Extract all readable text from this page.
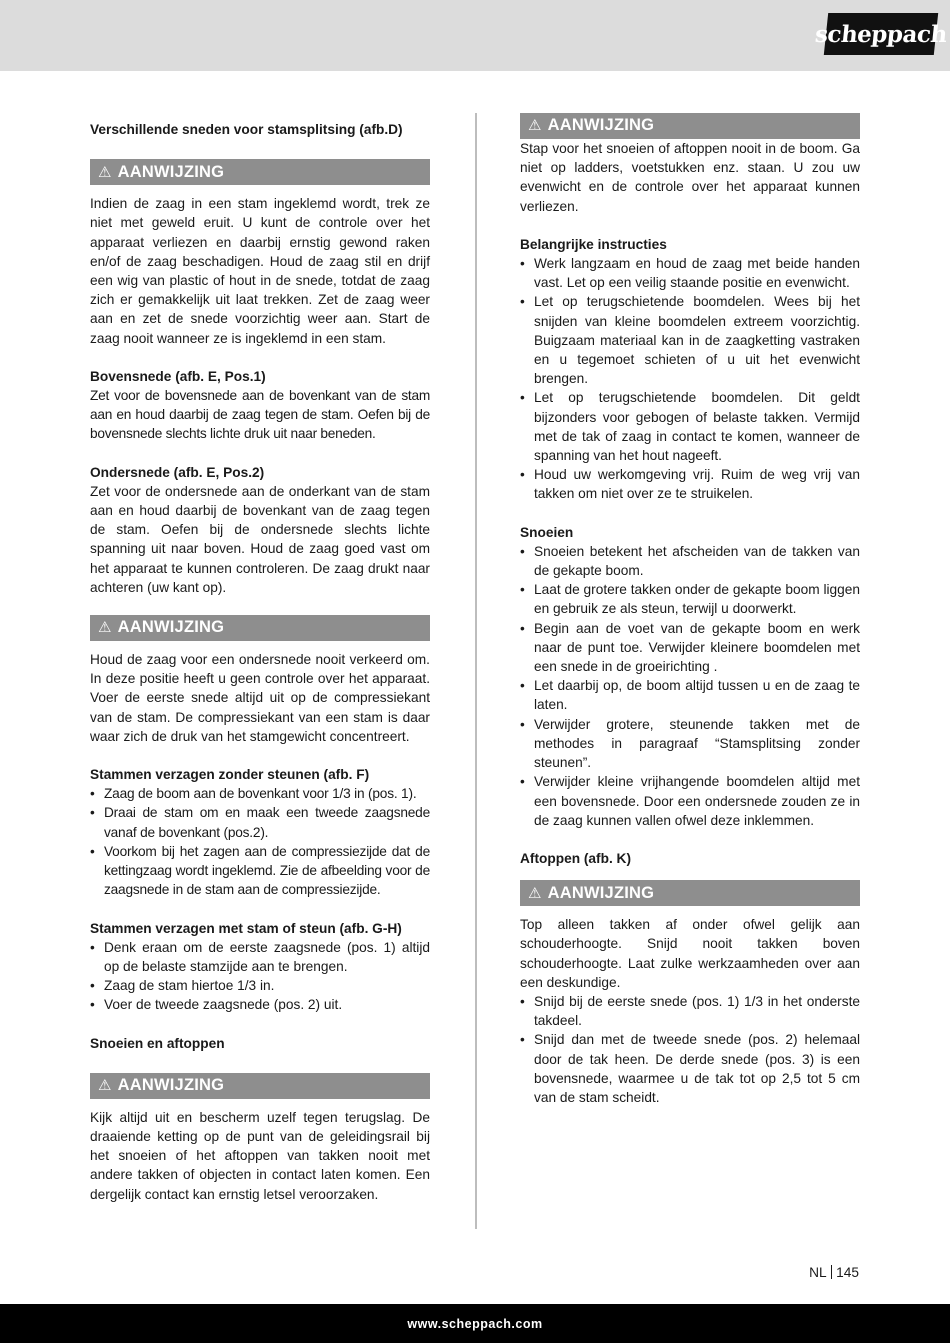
scheppach
Verschillende sneden voor stamsplitsing (afb.D)
⚠ AANWIJZING

Indien de zaag in een stam ingeklemd wordt, trek ze niet met geweld eruit. U kunt de controle over het apparaat verliezen en daarbij ernstig gewond raken en/of de zaag beschadigen. Houd de zaag stil en drijf een wig van plastic of hout in de snede, totdat de zaag zich er gemakkelijk uit laat trekken. Zet de zaag weer aan en zet de snede voorzichtig weer aan. Start de zaag nooit wanneer ze is ingeklemd in een stam.

Bovensnede (afb. E, Pos.1)

Zet voor de bovensnede aan de bovenkant van de stam aan en houd daarbij de zaag tegen de stam. Oefen bij de bovensnede slechts lichte druk uit naar beneden.

Ondersnede (afb. E, Pos.2)

Zet voor de ondersnede aan de onderkant van de stam aan en houd daarbij de bovenkant van de zaag tegen de stam. Oefen bij de ondersnede slechts lichte spanning uit naar boven. Houd de zaag goed vast om het apparaat te kunnen controleren. De zaag drukt naar achteren (uw kant op).

⚠ AANWIJZING

Houd de zaag voor een ondersnede nooit verkeerd om. In deze positie heeft u geen controle over het apparaat. Voer de eerste snede altijd uit op de compressiekant van de stam. De compressiekant van een stam is daar waar zich de druk van het stamgewicht concentreert.

Stammen verzagen zonder steunen (afb. F)
• Zaag de boom aan de bovenkant voor 1/3 in (pos. 1).
• Draai de stam om en maak een tweede zaagsnede vanaf de bovenkant (pos.2).
• Voorkom bij het zagen aan de compressiezijde dat de kettingzaag wordt ingeklemd. Zie de afbeelding voor de zaagsnede in de stam aan de compressiezijde.
Stammen verzagen met stam of steun (afb. G-H)
• Denk eraan om de eerste zaagsnede (pos. 1) altijd op de belaste stamzijde aan te brengen.
• Zaag de stam hiertoe 1/3 in.
• Voer de tweede zaagsnede (pos. 2) uit.
Snoeien en aftoppen
⚠ AANWIJZING

Kijk altijd uit en bescherm uzelf tegen terugslag. De draaiende ketting op de punt van de geleidingsrail bij het snoeien of het aftoppen van takken nooit met andere takken of objecten in contact laten komen. Een dergelijk contact kan ernstig letsel veroorzaken.

⚠ AANWIJZING

Stap voor het snoeien of aftoppen nooit in de boom. Ga niet op ladders, voetstukken enz. staan. U zou uw evenwicht en de controle over het apparaat kunnen verliezen.

Belangrijke instructies
• Werk langzaam en houd de zaag met beide handen vast. Let op een veilig staande positie en evenwicht.
• Let op terugschietende boomdelen. Wees bij het snijden van kleine boomdelen extreem voorzichtig. Buigzaam materiaal kan in de zaagketting vastraken en u tegemoet schieten of u uit het evenwicht brengen.
• Let op terugschietende boomdelen. Dit geldt bijzonders voor gebogen of belaste takken. Vermijd met de tak of zaag in contact te komen, wanneer de spanning van het hout nageeft.
• Houd uw werkomgeving vrij. Ruim de weg vrij van takken om niet over ze te struikelen.
Snoeien
• Snoeien betekent het afscheiden van de takken van de gekapte boom.
• Laat de grotere takken onder de gekapte boom liggen en gebruik ze als steun, terwijl u doorwerkt.
• Begin aan de voet van de gekapte boom en werk naar de punt toe. Verwijder kleinere boomdelen met een snede in de groeirichting .
• Let daarbij op, de boom altijd tussen u en de zaag te laten.
• Verwijder grotere, steunende takken met de methodes in paragraaf “Stamsplitsing zonder steunen”.
• Verwijder kleine vrijhangende boomdelen altijd met een bovensnede. Door een ondersnede zouden ze in de zaag kunnen vallen ofwel deze inklemmen.
Aftoppen (afb. K)
⚠ AANWIJZING

Top alleen takken af onder ofwel gelijk aan schouderhoogte. Snijd nooit takken boven schouderhoogte. Laat zulke werkzaamheden over aan een deskundige.

• Snijd bij de eerste snede (pos. 1) 1/3 in het onderste takdeel.
• Snijd dan met de tweede snede (pos. 2) helemaal door de tak heen. De derde snede (pos. 3) is een bovensnede, waarmee u de tak tot op 2,5 tot 5 cm van de stam scheidt.
NL 145
www.scheppach.com
